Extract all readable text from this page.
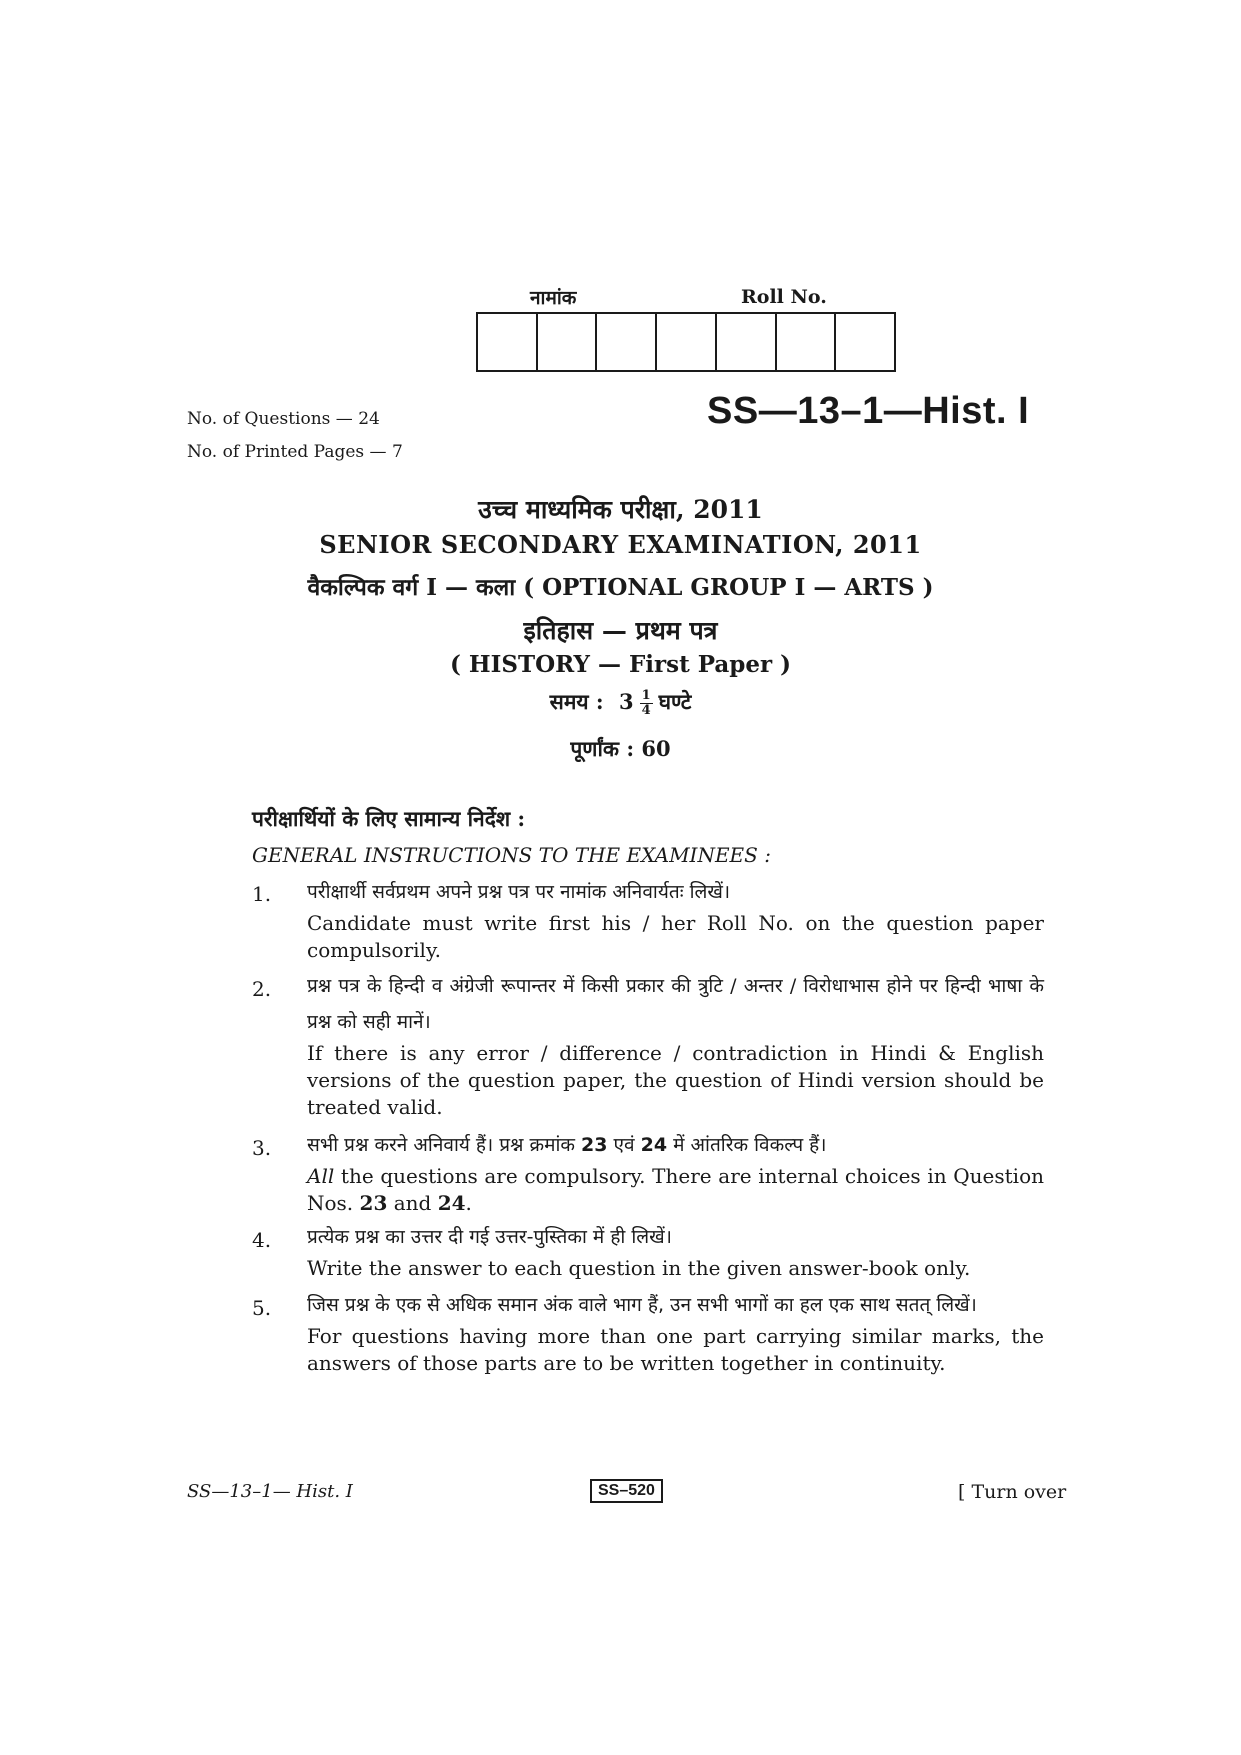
नामांक	Roll No.
No. of Questions — 24
No. of Printed Pages — 7
SS—13–1—Hist. I
उच्च माध्यमिक परीक्षा, 2011
SENIOR SECONDARY EXAMINATION, 2011
वैकल्पिक वर्ग I — कला ( OPTIONAL GROUP I — ARTS )
इतिहास — प्रथम पत्र
( HISTORY — First Paper )
समय : $3 \frac{1}{4}$ घण्टे
पूर्णांक : 60
परीक्षार्थियों के लिए सामान्य निर्देश :
GENERAL INSTRUCTIONS TO THE EXAMINEES :
1. परीक्षार्थी सर्वप्रथम अपने प्रश्न पत्र पर नामांक अनिवार्यतः लिखें।
Candidate must write first his / her Roll No. on the question paper compulsorily.
2. प्रश्न पत्र के हिन्दी व अंग्रेजी रूपान्तर में किसी प्रकार की त्रुटि / अन्तर / विरोधाभास होने पर हिन्दी भाषा के प्रश्न को सही मानें।
If there is any error / difference / contradiction in Hindi & English versions of the question paper, the question of Hindi version should be treated valid.
3. सभी प्रश्न करने अनिवार्य हैं। प्रश्न क्रमांक 23 एवं 24 में आंतरिक विकल्प हैं।
All the questions are compulsory. There are internal choices in Question Nos. 23 and 24.
4. प्रत्येक प्रश्न का उत्तर दी गई उत्तर-पुस्तिका में ही लिखें।
Write the answer to each question in the given answer-book only.
5. जिस प्रश्न के एक से अधिक समान अंक वाले भाग हैं, उन सभी भागों का हल एक साथ सतत् लिखें।
For questions having more than one part carrying similar marks, the answers of those parts are to be written together in continuity.
SS—13–1— Hist. I	SS–520	[ Turn over
